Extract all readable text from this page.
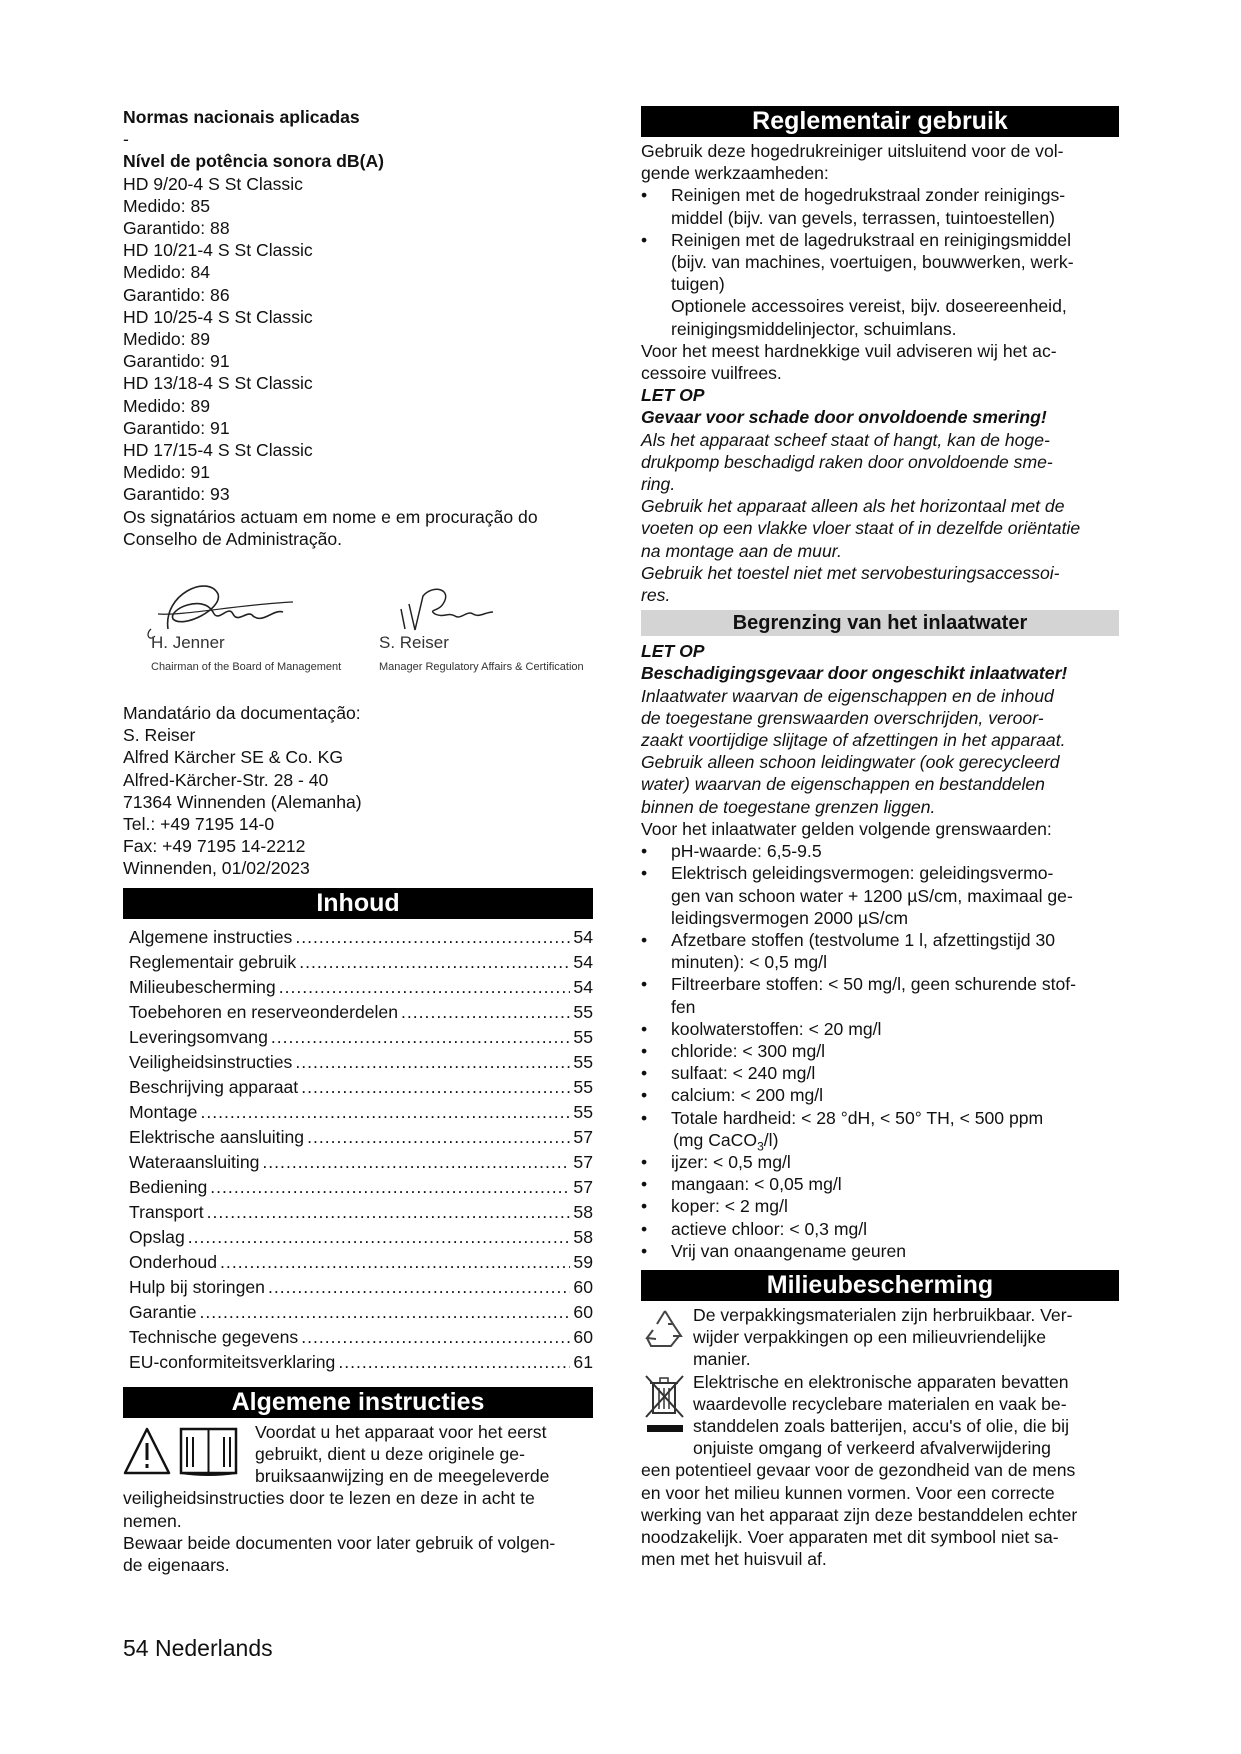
Normas nacionais aplicadas
-
Nível de potência sonora dB(A)
HD 9/20-4 S St Classic
Medido: 85
Garantido: 88
HD 10/21-4 S St Classic
Medido: 84
Garantido: 86
HD 10/25-4 S St Classic
Medido: 89
Garantido: 91
HD 13/18-4 S St Classic
Medido: 89
Garantido: 91
HD 17/15-4 S St Classic
Medido: 91
Garantido: 93
Os signatários actuam em nome e em procuração do
Conselho de Administração.
H. Jenner
Chairman of the Board of Management
S. Reiser
Manager Regulatory Affairs & Certification
Mandatário da documentação:
S. Reiser
Alfred Kärcher SE & Co. KG
Alfred-Kärcher-Str. 28 - 40
71364 Winnenden (Alemanha)
Tel.: +49 7195 14-0
Fax: +49 7195 14-2212
Winnenden, 01/02/2023
Inhoud
Algemene instructies .....	54
Reglementair gebruik .....	54
Milieubescherming .....	54
Toebehoren en reserveonderdelen .....	55
Leveringsomvang .....	55
Veiligheidsinstructies .....	55
Beschrijving apparaat .....	55
Montage .....	55
Elektrische aansluiting .....	57
Wateraansluiting .....	57
Bediening .....	57
Transport .....	58
Opslag .....	58
Onderhoud .....	59
Hulp bij storingen .....	60
Garantie .....	60
Technische gegevens .....	60
EU-conformiteitsverklaring .....	61
Algemene instructies
Voordat u het apparaat voor het eerst
gebruikt, dient u deze originele ge-
bruiksaanwijzing en de meegeleverde
veiligheidsinstructies door te lezen en deze in acht te
nemen.
Bewaar beide documenten voor later gebruik of volgen-
de eigenaars.
Reglementair gebruik
Gebruik deze hogedrukreiniger uitsluitend voor de vol-
gende werkzaamheden:
• Reinigen met de hogedrukstraal zonder reinigings-
middel (bijv. van gevels, terrassen, tuintoestellen)
• Reinigen met de lagedrukstraal en reinigingsmiddel
(bijv. van machines, voertuigen, bouwwerken, werk-
tuigen)
Optionele accessoires vereist, bijv. doseereenheid,
reinigingsmiddelinjector, schuimlans.
Voor het meest hardnekkige vuil adviseren wij het ac-
cessoire vuilfrees.
LET OP
Gevaar voor schade door onvoldoende smering!
Als het apparaat scheef staat of hangt, kan de hoge-
drukpomp beschadigd raken door onvoldoende sme-
ring.
Gebruik het apparaat alleen als het horizontaal met de
voeten op een vlakke vloer staat of in dezelfde oriëntatie
na montage aan de muur.
Gebruik het toestel niet met servobesturingsaccessoi-
res.
Begrenzing van het inlaatwater
LET OP
Beschadigingsgevaar door ongeschikt inlaatwater!
Inlaatwater waarvan de eigenschappen en de inhoud
de toegestane grenswaarden overschrijden, veroor-
zaakt voortijdige slijtage of afzettingen in het apparaat.
Gebruik alleen schoon leidingwater (ook gerecycleerd
water) waarvan de eigenschappen en bestanddelen
binnen de toegestane grenzen liggen.
Voor het inlaatwater gelden volgende grenswaarden:
• pH-waarde: 6,5-9.5
• Elektrisch geleidingsvermogen: geleidingsvermo-
gen van schoon water + 1200 µS/cm, maximaal ge-
leidingsvermogen 2000 µS/cm
• Afzetbare stoffen (testvolume 1 l, afzettingstijd 30
minuten): < 0,5 mg/l
• Filtreerbare stoffen: < 50 mg/l, geen schurende stof-
fen
• koolwaterstoffen: < 20 mg/l
• chloride: < 300 mg/l
• sulfaat: < 240 mg/l
• calcium: < 200 mg/l
• Totale hardheid: < 28 °dH, < 50° TH, < 500 ppm
(mg CaCO$_3$/l)
• ijzer: < 0,5 mg/l
• mangaan: < 0,05 mg/l
• koper: < 2 mg/l
• actieve chloor: < 0,3 mg/l
• Vrij van onaangename geuren
Milieubescherming
De verpakkingsmaterialen zijn herbruikbaar. Ver-
wijder verpakkingen op een milieuvriendelijke
manier.
Elektrische en elektronische apparaten bevatten
waardevolle recyclebare materialen en vaak be-
standdelen zoals batterijen, accu's of olie, die bij
onjuiste omgang of verkeerd afvalverwijdering
een potentieel gevaar voor de gezondheid van de mens
en voor het milieu kunnen vormen. Voor een correcte
werking van het apparaat zijn deze bestanddelen echter
noodzakelijk. Voer apparaten met dit symbool niet sa-
men met het huisvuil af.
54 Nederlands
